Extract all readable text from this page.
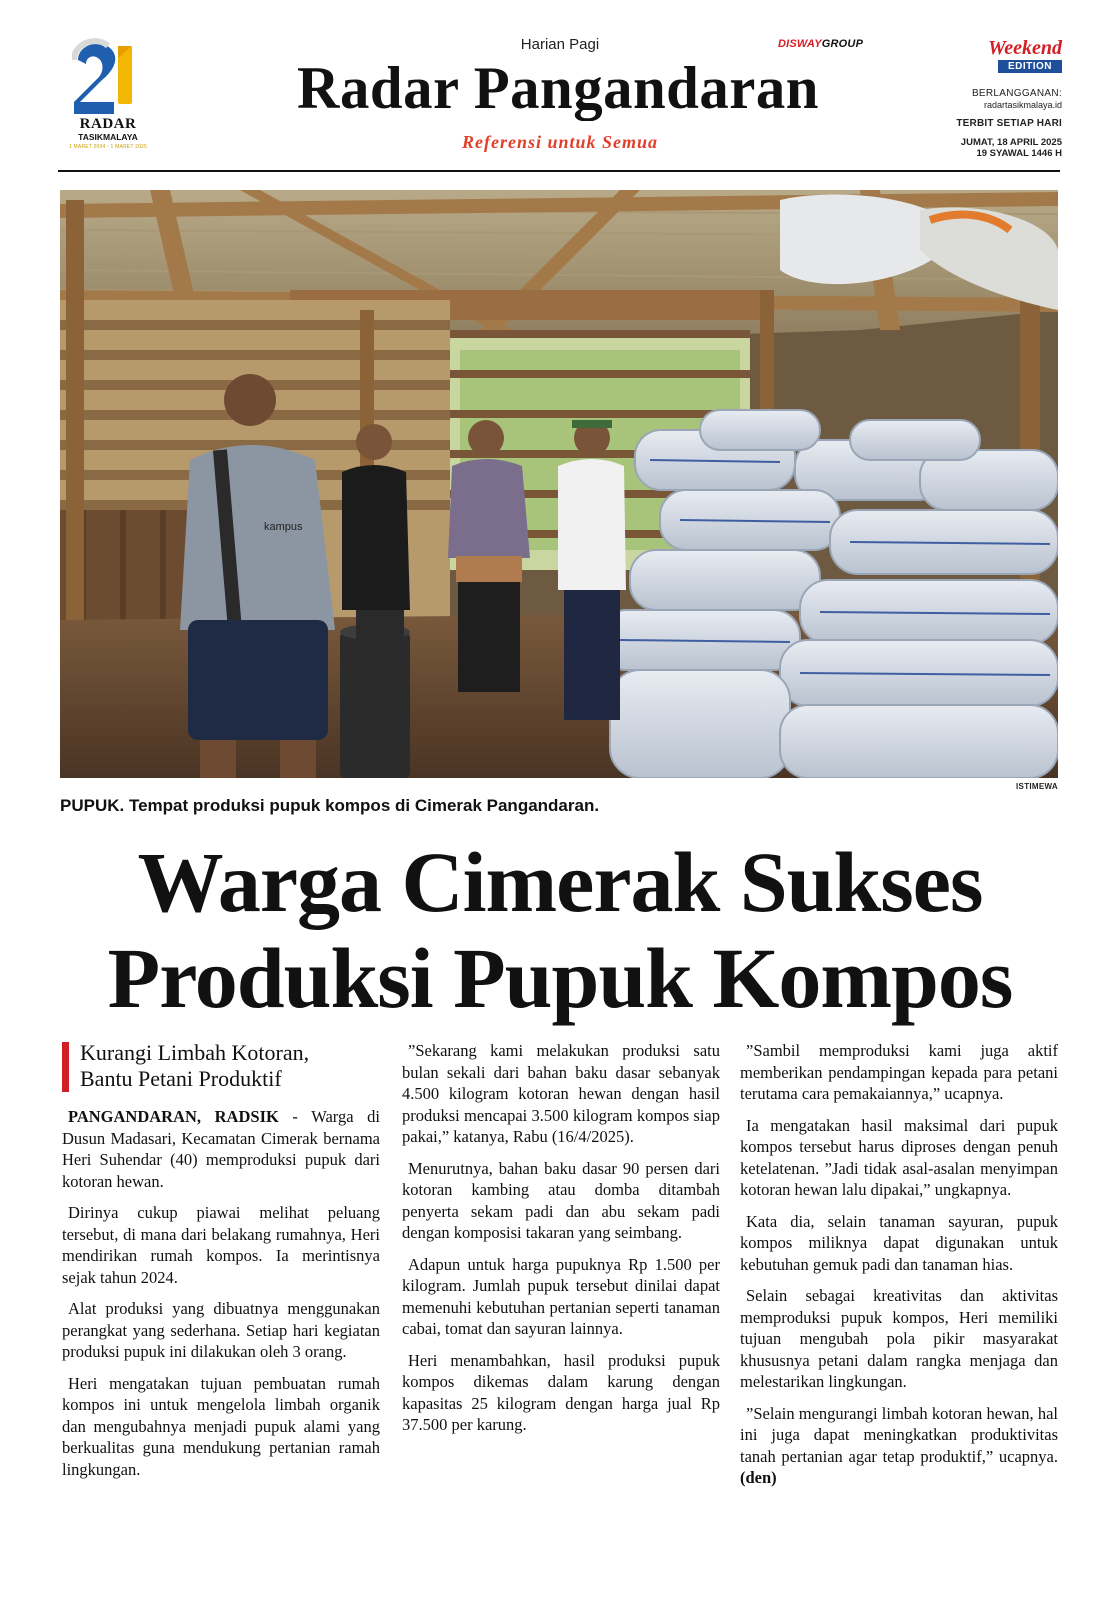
RADAR
TASIKMALAYA
1 MARET 2004 - 1 MARET 2025
Harian Pagi
Radar Pangandaran
Referensi untuk Semua
DISWAYGROUP	Weekend
EDITION
BERLANGGANAN:
radartasikmalaya.id
TERBIT SETIAP HARI
JUMAT, 18 APRIL 2025
19 SYAWAL 1446 H
kampus
ISTIMEWA
PUPUK. Tempat produksi pupuk kompos di Cimerak Pangandaran.
Warga Cimerak Sukses
Produksi Pupuk Kompos
Kurangi Limbah Kotoran,
Bantu Petani Produktif

PANGANDARAN, RADSIK - Warga di Dusun Madasari, Kecamatan Cimerak bernama Heri Suhendar (40) memproduksi pupuk dari kotoran hewan.

Dirinya cukup piawai melihat peluang tersebut, di mana dari belakang rumahnya, Heri mendirikan rumah kompos. Ia merintisnya sejak tahun 2024.

Alat produksi yang dibuatnya menggunakan perangkat yang sederhana. Setiap hari kegiatan produksi pupuk ini dilakukan oleh 3 orang.

Heri mengatakan tujuan pembuatan rumah kompos ini untuk mengelola limbah organik dan mengubahnya menjadi pupuk alami yang berkualitas guna mendukung pertanian ramah lingkungan.

”Sekarang kami melakukan produksi satu bulan sekali dari bahan baku dasar sebanyak 4.500 kilogram kotoran hewan dengan hasil produksi mencapai 3.500 kilogram kompos siap pakai,” katanya, Rabu (16/4/2025).

Menurutnya, bahan baku dasar 90 persen dari kotoran kambing atau domba ditambah penyerta sekam padi dan abu sekam padi dengan komposisi takaran yang seimbang.

Adapun untuk harga pupuknya Rp 1.500 per kilogram. Jumlah pupuk tersebut dinilai dapat memenuhi kebutuhan pertanian seperti tanaman cabai, tomat dan sayuran lainnya.

Heri menambahkan, hasil produksi pupuk kompos dikemas dalam karung dengan kapasitas 25 kilogram dengan harga jual Rp 37.500 per karung.

”Sambil memproduksi kami juga aktif memberikan pendampingan kepada para petani terutama cara pemakaiannya,” ucapnya.

Ia mengatakan hasil maksimal dari pupuk kompos tersebut harus diproses dengan penuh ketelatenan. ”Jadi tidak asal-asalan menyimpan kotoran hewan lalu dipakai,” ungkapnya.

Kata dia, selain tanaman sayuran, pupuk kompos miliknya dapat digunakan untuk kebutuhan gemuk padi dan tanaman hias.

Selain sebagai kreativitas dan aktivitas memproduksi pupuk kompos, Heri memiliki tujuan mengubah pola pikir masyarakat khususnya petani dalam rangka menjaga dan melestarikan lingkungan.

”Selain mengurangi limbah kotoran hewan, hal ini juga dapat meningkatkan produktivitas tanah pertanian agar tetap produktif,” ucapnya. (den)
